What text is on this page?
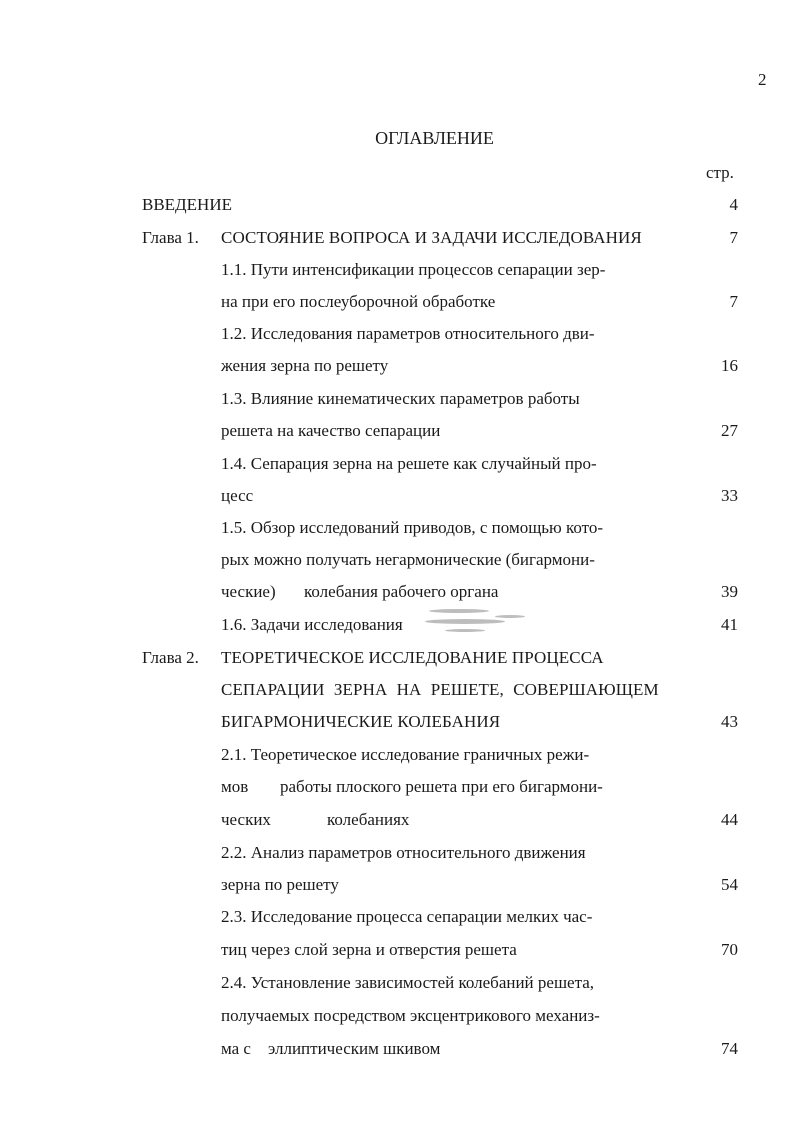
2
ОГЛАВЛЕНИЕ
стр.
ВВЕДЕНИЕ	4
Глава 1. СОСТОЯНИЕ ВОПРОСА И ЗАДАЧИ ИССЛЕДОВАНИЯ	7
1.1. Пути интенсификации процессов сепарации зер-
на при его послеуборочной обработке	7
1.2. Исследования параметров относительного дви-
жения зерна по решету	16
1.3. Влияние кинематических параметров работы
решета на качество сепарации	27
1.4. Сепарация зерна на решете как случайный про-
цесс	33
1.5. Обзор исследований приводов, с помощью кото-
рых можно получать негармонические (бигармони-
ческие) колебания рабочего органа	39
1.6. Задачи исследования	41
Глава 2. ТЕОРЕТИЧЕСКОЕ ИССЛЕДОВАНИЕ ПРОЦЕССА
СЕПАРАЦИИ ЗЕРНА НА РЕШЕТЕ, СОВЕРШАЮЩЕМ
БИГАРМОНИЧЕСКИЕ КОЛЕБАНИЯ	43
2.1. Теоретическое исследование граничных режи-
мов работы плоского решета при его бигармони-
ческих	колебаниях	44
2.2. Анализ параметров относительного движения
зерна по решету	54
2.3. Исследование процесса сепарации мелких час-
тиц через слой зерна и отверстия решета	70
2.4. Установление зависимостей колебаний решета,
получаемых посредством эксцентрикового механиз-
ма с эллиптическим шкивом	74
